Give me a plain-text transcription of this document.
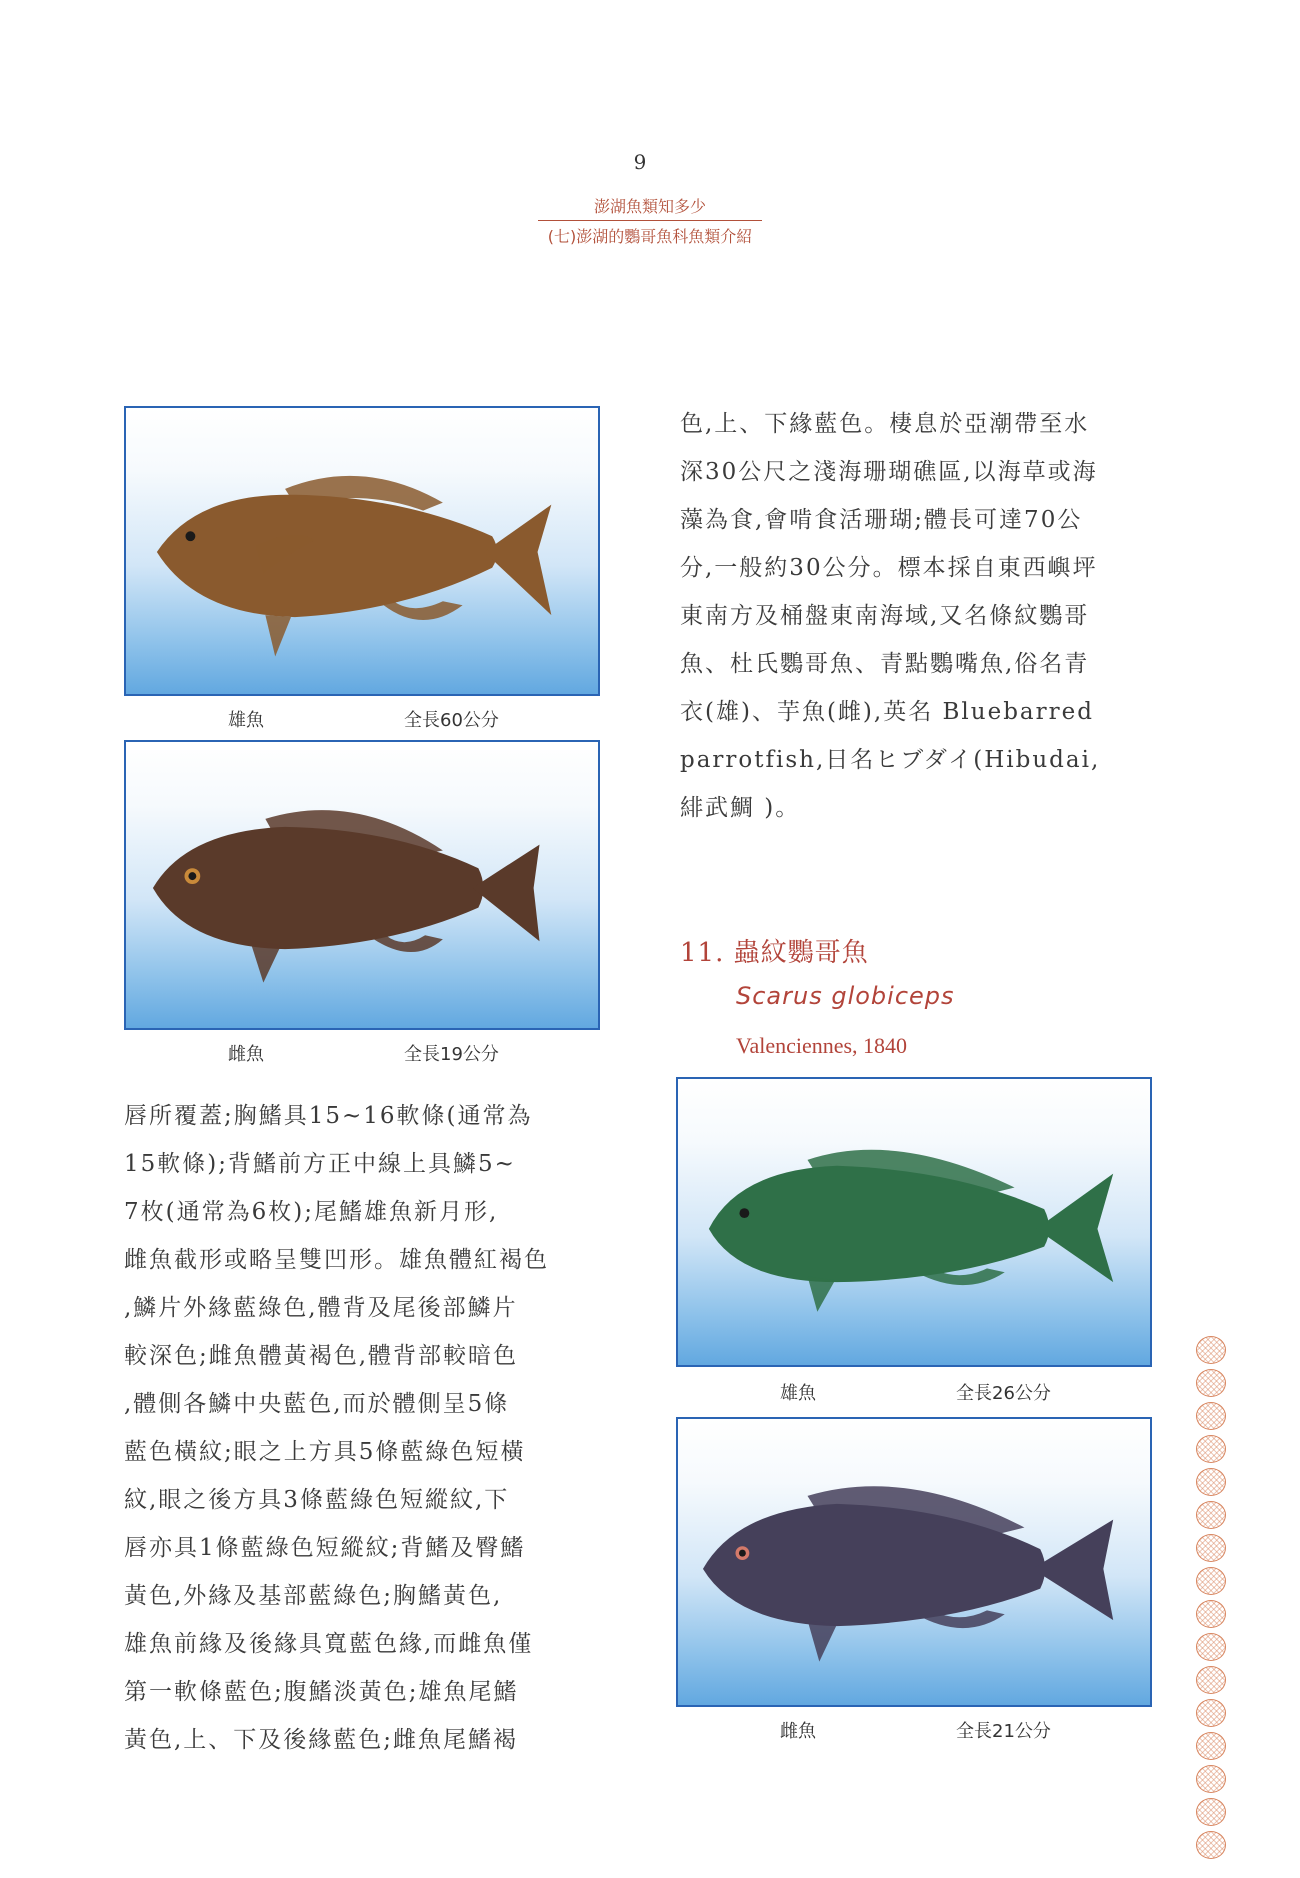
9
澎湖魚類知多少
(七)澎湖的鸚哥魚科魚類介紹
雄魚	全長60公分
雌魚	全長19公分
唇所覆蓋;胸鰭具15~16軟條(通常為
15軟條);背鰭前方正中線上具鱗5~
7枚(通常為6枚);尾鰭雄魚新月形,
雌魚截形或略呈雙凹形。雄魚體紅褐色
,鱗片外緣藍綠色,體背及尾後部鱗片
較深色;雌魚體黃褐色,體背部較暗色
,體側各鱗中央藍色,而於體側呈5條
藍色橫紋;眼之上方具5條藍綠色短橫
紋,眼之後方具3條藍綠色短縱紋,下
唇亦具1條藍綠色短縱紋;背鰭及臀鰭
黃色,外緣及基部藍綠色;胸鰭黃色,
雄魚前緣及後緣具寬藍色緣,而雌魚僅
第一軟條藍色;腹鰭淡黃色;雄魚尾鰭
黃色,上、下及後緣藍色;雌魚尾鰭褐
色,上、下緣藍色。棲息於亞潮帶至水
深30公尺之淺海珊瑚礁區,以海草或海
藻為食,會啃食活珊瑚;體長可達70公
分,一般約30公分。標本採自東西嶼坪
東南方及桶盤東南海域,又名條紋鸚哥
魚、杜氏鸚哥魚、青點鸚嘴魚,俗名青
衣(雄)、芋魚(雌),英名 Bluebarred
parrotfish,日名ヒブダイ(Hibudai,
緋武鯛 )。
11. 蟲紋鸚哥魚
Scarus globiceps
Valenciennes, 1840
雄魚	全長26公分
雌魚	全長21公分
